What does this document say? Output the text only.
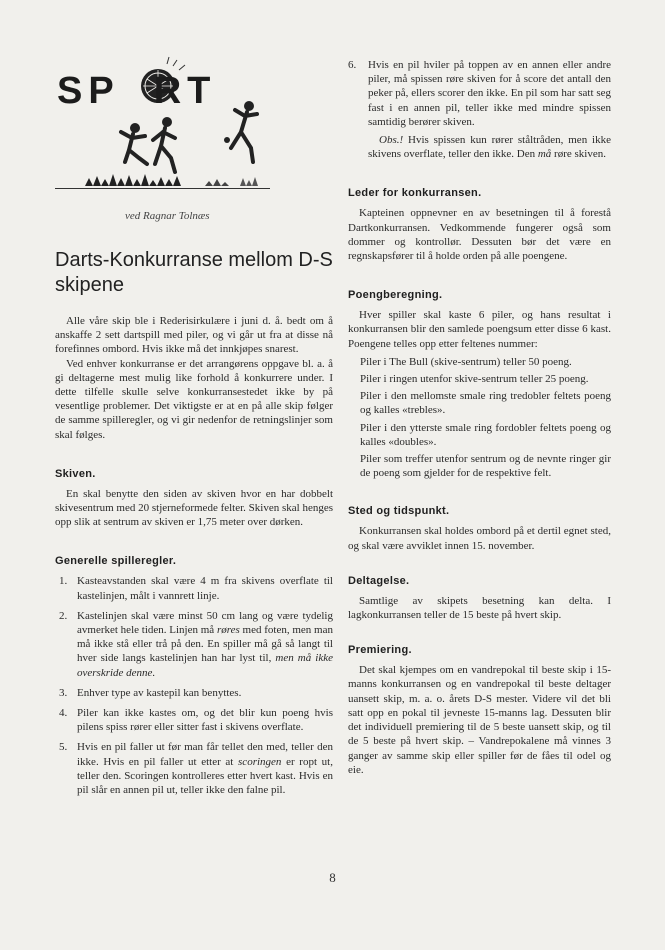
SP RT
ved Ragnar Tolnæs
Darts-Konkurranse mellom D-S skipene

Alle våre skip ble i Rederisirkulære i juni d. å. bedt om å anskaffe 2 sett dartspill med piler, og vi går ut fra at disse nå forefinnes ombord. Hvis ikke må det innkjøpes snarest.

Ved enhver konkurranse er det arrangørens oppgave bl. a. å gi deltagerne mest mulig like forhold å konkurrere under. I dette tilfelle skulle selve konkurransestedet ikke by på vesentlige problemer. Det viktigste er at en på alle skip følger de samme spilleregler, og vi gir nedenfor de retningslinjer som skal følges.

Skiven.

En skal benytte den siden av skiven hvor en har dobbelt skivesentrum med 20 stjerneformede felter. Skiven skal henges opp slik at sentrum av skiven er 1,75 meter over dørken.

Generelle spilleregler.
1. Kasteavstanden skal være 4 m fra skivens overflate til kastelinjen, målt i vannrett linje.
2. Kastelinjen skal være minst 50 cm lang og være tydelig avmerket hele tiden. Linjen må røres med foten, men man må ikke stå eller trå på den. En spiller må gå så langt til hver side langs kastelinjen han har lyst til, men må ikke overskride denne.
3. Enhver type av kastepil kan benyttes.
4. Piler kan ikke kastes om, og det blir kun poeng hvis pilens spiss rører eller sitter fast i skivens overflate.
5. Hvis en pil faller ut før man får tellet den med, teller den ikke. Hvis en pil faller ut etter at scoringen er ropt ut, teller den. Scoringen kontrolleres etter hvert kast. Hvis en pil slår en annen pil ut, teller ikke den falne pil.
6.	Hvis en pil hviler på toppen av en annen eller andre piler, må spissen røre skiven for å score det antall den peker på, ellers scorer den ikke. En pil som har satt seg fast i en annen pil, teller ikke med mindre spissen samtidig berører skiven.
Obs.! Hvis spissen kun rører ståltråden, men ikke skivens overflate, teller den ikke. Den må røre skiven.
Leder for konkurransen.

Kapteinen oppnevner en av besetningen til å forestå Dartkonkurransen. Vedkommende fungerer også som dommer og kontrollør. Dessuten bør det være en regnskapsfører til å holde orden på alle poengene.

Poengberegning.

Hver spiller skal kaste 6 piler, og hans resultat i konkurransen blir den samlede poengsum etter disse 6 kast. Poengene telles opp etter feltenes nummer:

Piler i The Bull (skive-sentrum) teller 50 poeng.

Piler i ringen utenfor skive-sentrum teller 25 poeng.

Piler i den mellomste smale ring tredobler feltets poeng og kalles «trebles».

Piler i den ytterste smale ring fordobler feltets poeng og kalles «doubles».

Piler som treffer utenfor sentrum og de nevnte ringer gir de poeng som gjelder for de respektive felt.

Sted og tidspunkt.

Konkurransen skal holdes ombord på et dertil egnet sted, og skal være avviklet innen 15. november.

Deltagelse.

Samtlige av skipets besetning kan delta. I lagkonkurransen teller de 15 beste på hvert skip.

Premiering.

Det skal kjempes om en vandrepokal til beste skip i 15-manns konkurransen og en vandrepokal til beste deltager uansett skip, m. a. o. årets D-S mester. Videre vil det bli satt opp en pokal til jevneste 15-manns lag. Dessuten blir det individuell premiering til de 5 beste uansett skip, og til de 5 beste på hvert skip. – Vandrepokalene må vinnes 3 ganger av samme skip eller spiller før de fåes til odel og eie.

8
